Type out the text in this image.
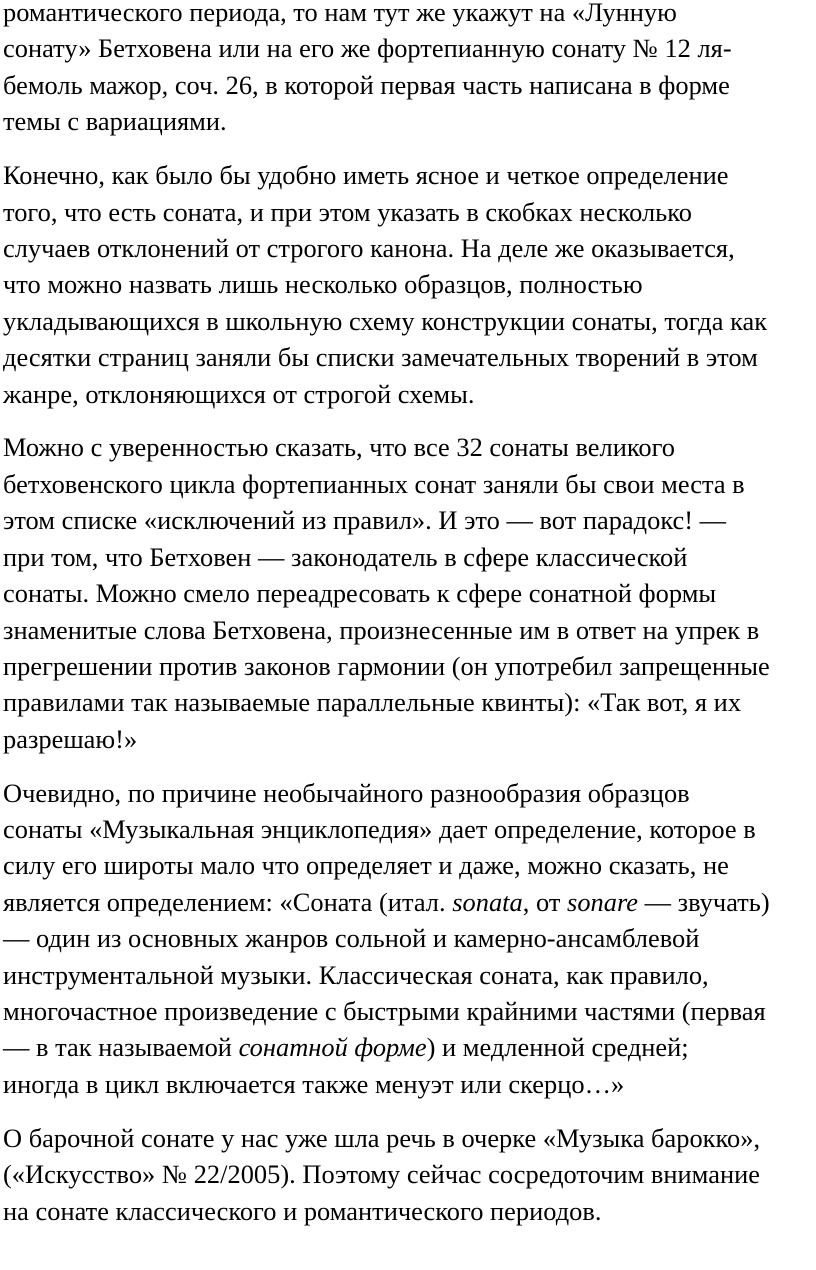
романтического периода, то нам тут же укажут на «Лунную
сонату» Бетховена или на его же фортепианную сонату № 12 ля-
бемоль мажор, соч. 26, в которой первая часть написана в форме
темы с вариациями.

Конечно, как было бы удобно иметь ясное и четкое определение
того, что есть соната, и при этом указать в скобках несколько
случаев отклонений от строгого канона. На деле же оказывается,
что можно назвать лишь несколько образцов, полностью
укладывающихся в школьную схему конструкции сонаты, тогда как
десятки страниц заняли бы списки замечательных творений в этом
жанре, отклоняющихся от строгой схемы.

Можно с уверенностью сказать, что все 32 сонаты великого
бетховенского цикла фортепианных сонат заняли бы свои места в
этом списке «исключений из правил». И это — вот парадокс! —
при том, что Бетховен — законодатель в сфере классической
сонаты. Можно смело переадресовать к сфере сонатной формы
знаменитые слова Бетховена, произнесенные им в ответ на упрек в
прегрешении против законов гармонии (он употребил запрещенные
правилами так называемые параллельные квинты): «Так вот, я их
разрешаю!»

Очевидно, по причине необычайного разнообразия образцов
сонаты «Музыкальная энциклопедия» дает определение, которое в
силу его широты мало что определяет и даже, можно сказать, не
является определением: «Соната (итал. sonata, от sonare — звучать)
— один из основных жанров сольной и камерно-ансамблевой
инструментальной музыки. Классическая соната, как правило,
многочастное произведение с быстрыми крайними частями (первая
— в так называемой сонатной форме) и медленной средней;
иногда в цикл включается также менуэт или скерцо…»

О барочной сонате у нас уже шла речь в очерке «Музыка барокко»,
(«Искусство» № 22/2005). Поэтому сейчас сосредоточим внимание
на сонате классического и романтического периодов.
